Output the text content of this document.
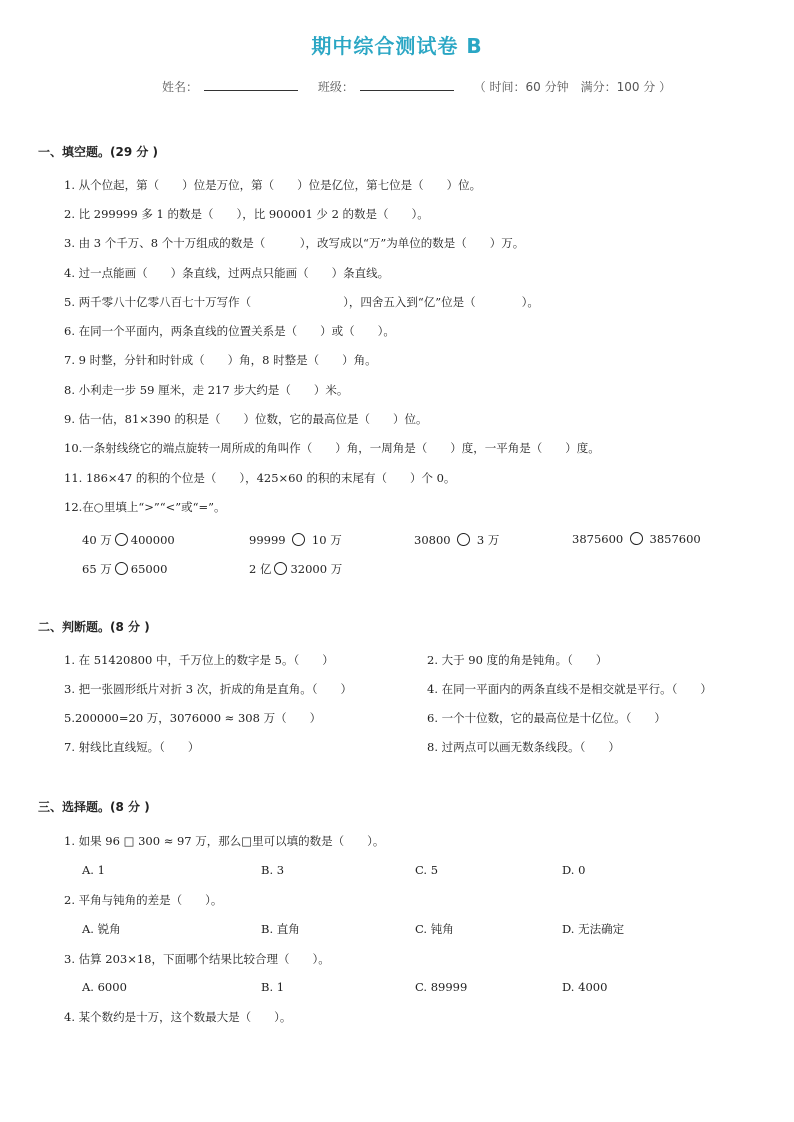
期中综合测试卷 B
姓名：	班级：	（ 时间：60 分钟　满分：100 分 ）
一、填空题。(29 分 )
1. 从个位起，第（　　）位是万位，第（　　）位是亿位，第七位是（　　）位。
2. 比 299999 多 1 的数是（　　），比 900001 少 2 的数是（　　）。
3. 由 3 个千万、8 个十万组成的数是（　　　），改写成以“万”为单位的数是（　　）万。
4. 过一点能画（　　）条直线，过两点只能画（　　）条直线。
5. 两千零八十亿零八百七十万写作（　　　　　　　　），四舍五入到“亿”位是（　　　　）。
6. 在同一个平面内，两条直线的位置关系是（　　）或（　　）。
7. 9 时整，分针和时针成（　　）角，8 时整是（　　）角。
8. 小利走一步 59 厘米，走 217 步大约是（　　）米。
9. 估一估，81×390 的积是（　　）位数，它的最高位是（　　）位。
10.一条射线绕它的端点旋转一周所成的角叫作（　　）角，一周角是（　　）度，一平角是（　　）度。
11. 186×47 的积的个位是（　　），425×60 的积的末尾有（　　）个 0。
12.在○里填上“>”“<”或“=”。
40 万 400000	99999 10 万	30800 3 万	3875600 3857600
65 万 65000	2 亿 32000 万
二、判断题。(8 分 )
1. 在 51420800 中，千万位上的数字是 5。（　　）	2. 大于 90 度的角是钝角。（　　）
3. 把一张圆形纸片对折 3 次，折成的角是直角。（　　）	4. 在同一平面内的两条直线不是相交就是平行。（　　）
5.200000=20 万，3076000 ≈ 308 万（　　）	6. 一个十位数，它的最高位是十亿位。（　　）
7. 射线比直线短。（　　）	8. 过两点可以画无数条线段。（　　）
三、选择题。(8 分 )
1. 如果 96 □ 300 ≈ 97 万，那么□里可以填的数是（　　）。
A. 1	B. 3	C. 5	D. 0
2. 平角与钝角的差是（　　）。
A. 锐角	B. 直角	C. 钝角	D. 无法确定
3. 估算 203×18，下面哪个结果比较合理（　　）。
A. 6000	B. 1	C. 89999	D. 4000
4. 某个数约是十万，这个数最大是（　　）。
